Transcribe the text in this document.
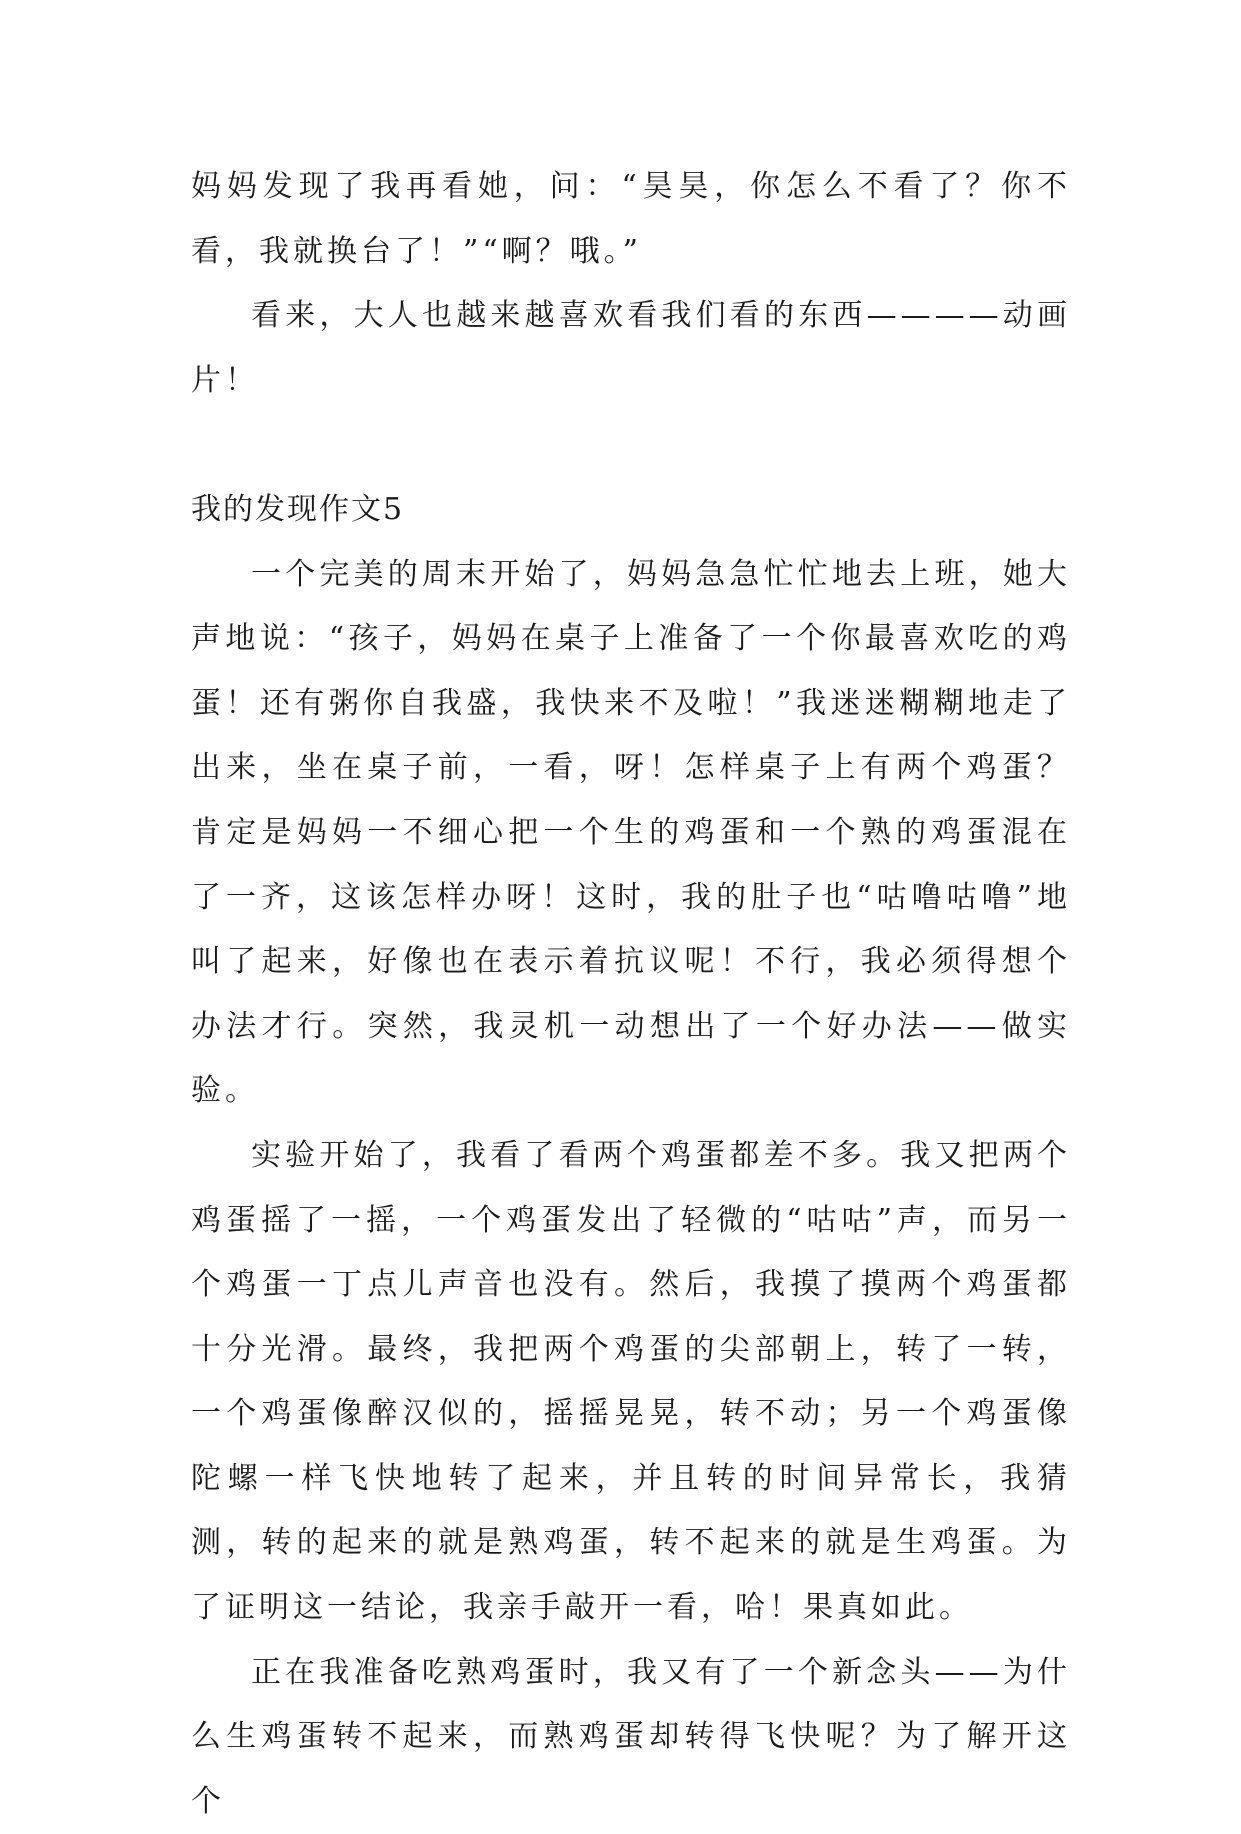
妈妈发现了我再看她，问：“昊昊，你怎么不看了？你不看，我就换台了！”“啊？哦。”

看来，大人也越来越喜欢看我们看的东西————动画片！

我的发现作文5

一个完美的周末开始了，妈妈急急忙忙地去上班，她大声地说：“孩子，妈妈在桌子上准备了一个你最喜欢吃的鸡蛋！还有粥你自我盛，我快来不及啦！”我迷迷糊糊地走了出来，坐在桌子前，一看，呀！怎样桌子上有两个鸡蛋？肯定是妈妈一不细心把一个生的鸡蛋和一个熟的鸡蛋混在了一齐，这该怎样办呀！这时，我的肚子也“咕噜咕噜”地叫了起来，好像也在表示着抗议呢！不行，我必须得想个办法才行。突然，我灵机一动想出了一个好办法——做实验。

实验开始了，我看了看两个鸡蛋都差不多。我又把两个鸡蛋摇了一摇，一个鸡蛋发出了轻微的“咕咕”声，而另一个鸡蛋一丁点儿声音也没有。然后，我摸了摸两个鸡蛋都十分光滑。最终，我把两个鸡蛋的尖部朝上，转了一转，一个鸡蛋像醉汉似的，摇摇晃晃，转不动；另一个鸡蛋像陀螺一样飞快地转了起来，并且转的时间异常长，我猜测，转的起来的就是熟鸡蛋，转不起来的就是生鸡蛋。为了证明这一结论，我亲手敲开一看，哈！果真如此。

正在我准备吃熟鸡蛋时，我又有了一个新念头——为什么生鸡蛋转不起来，而熟鸡蛋却转得飞快呢？为了解开这个
